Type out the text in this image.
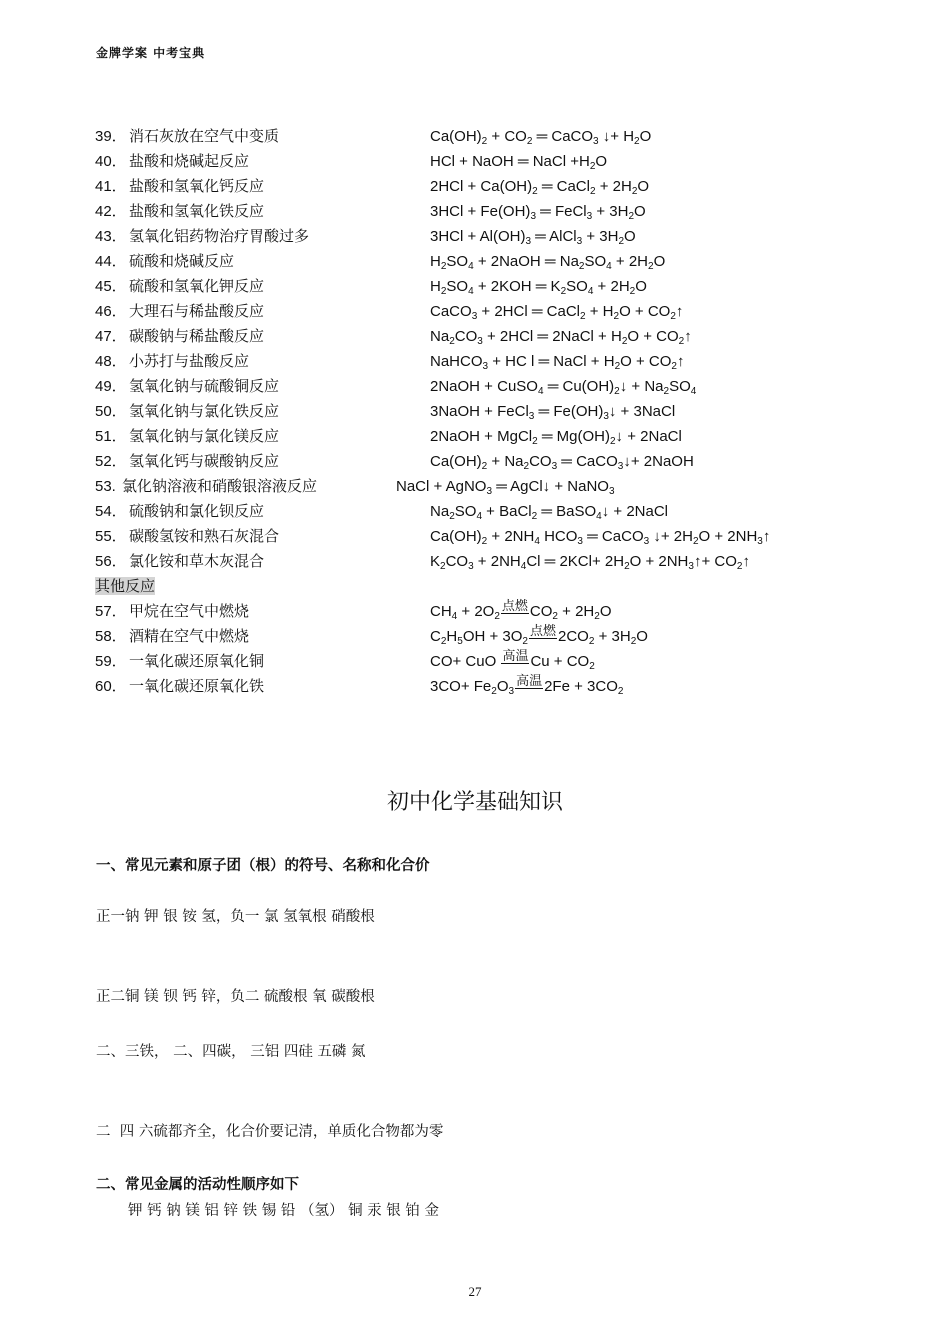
金牌学案 中考宝典
39． 消石灰放在空气中变质	$Ca(OH)_2 + CO_2$ ═ CaCO$_3$ ↓+ $H_2O$
40． 盐酸和烧碱起反应	HCl + NaOH ═ NaCl $+H_2O$
41． 盐酸和氢氧化钙反应	$2HCl + Ca(OH)_2$ ═ CaCl$_2$ + $2H_2O$
42． 盐酸和氢氧化铁反应	$3HCl + Fe(OH)_3$ ═ FeCl$_3$ + $3H_2O$
43． 氢氧化铝药物治疗胃酸过多	$3HCl + Al(OH)_3$ ═ AlCl$_3$ + $3H_2O$
44． 硫酸和烧碱反应	$H_2SO_4$ + 2NaOH ═ $Na_2SO_4 + 2H_2O$
45． 硫酸和氢氧化钾反应	$H_2SO_4 + 2KOH$ ═ $K_2SO_4 + 2H_2O$
46． 大理石与稀盐酸反应	CaCO$_3$ + 2HCl ═ CaCl$_2$ + $H_2O$ + $CO_2↑$
47． 碳酸钠与稀盐酸反应	$Na_2CO_3 + 2HCl$ ═ 2NaCl + $H_2O$ + $CO_2↑$
48． 小苏打与盐酸反应	NaHCO$_3$ + HC l ═ NaCl + $H_2O$ + $CO_2↑$
49． 氢氧化钠与硫酸铜反应	2NaOH + CuSO$_4$ ═ $Cu(OH)_2↓ + Na_2SO_4$
50． 氢氧化钠与氯化铁反应	3NaOH + FeCl$_3$ ═ $Fe(OH)_3↓$ + 3NaCl
51． 氢氧化钠与氯化镁反应	2NaOH + MgCl$_2$ ═ $Mg(OH)_2↓$ + 2NaCl
52． 氢氧化钙与碳酸钠反应	$Ca(OH)_2 + Na_2CO_3$ ═ CaCO$_3$↓+ 2NaOH
53. 氯化钠溶液和硝酸银溶液反应	NaCl + AgNO$_3$ ═ AgCl↓ + NaNO$_3$
54． 硫酸钠和氯化钡反应	$Na_2SO_4$ + BaCl$_2$ ═ BaSO$_4$↓ + 2NaCl
55． 碳酸氢铵和熟石灰混合	$Ca(OH)_2 + 2NH_4$ $HCO_3$ ═ CaCO$_3$ ↓+ $2H_2O$ + $2NH_3↑$
56． 氯化铵和草木灰混合	$K_2CO_3 + 2NH_4Cl$ ═ $2KCl+ 2H_2O$ + $2NH_3↑+$ $CO_2↑$
其他反应
57． 甲烷在空气中燃烧	$CH_4 + 2O_2$点燃 $CO_2 + 2H_2O$
58． 酒精在空气中燃烧	$C_2H_5OH + 3O_2$点燃 $2CO_2 + 3H_2O$
59． 一氧化碳还原氧化铜	CO+ CuO 高温 $Cu + CO_2$
60． 一氧化碳还原氧化铁	$3CO+ Fe_2O_3$高温 $2Fe + 3CO_2$
初中化学基础知识
一、常见元素和原子团（根）的符号、名称和化合价
正一钠 钾 银 铵 氢，负一 氯 氢氧根 硝酸根
正二铜 镁 钡 钙 锌，负二 硫酸根 氧 碳酸根
二、三铁， 二、四碳， 三铝 四硅 五磷 氮
二  四 六硫都齐全，化合价要记清，单质化合物都为零
二、常见金属的活动性顺序如下
钾 钙 钠 镁 铝 锌 铁 锡 铅 （氢） 铜 汞 银 铂 金
27
